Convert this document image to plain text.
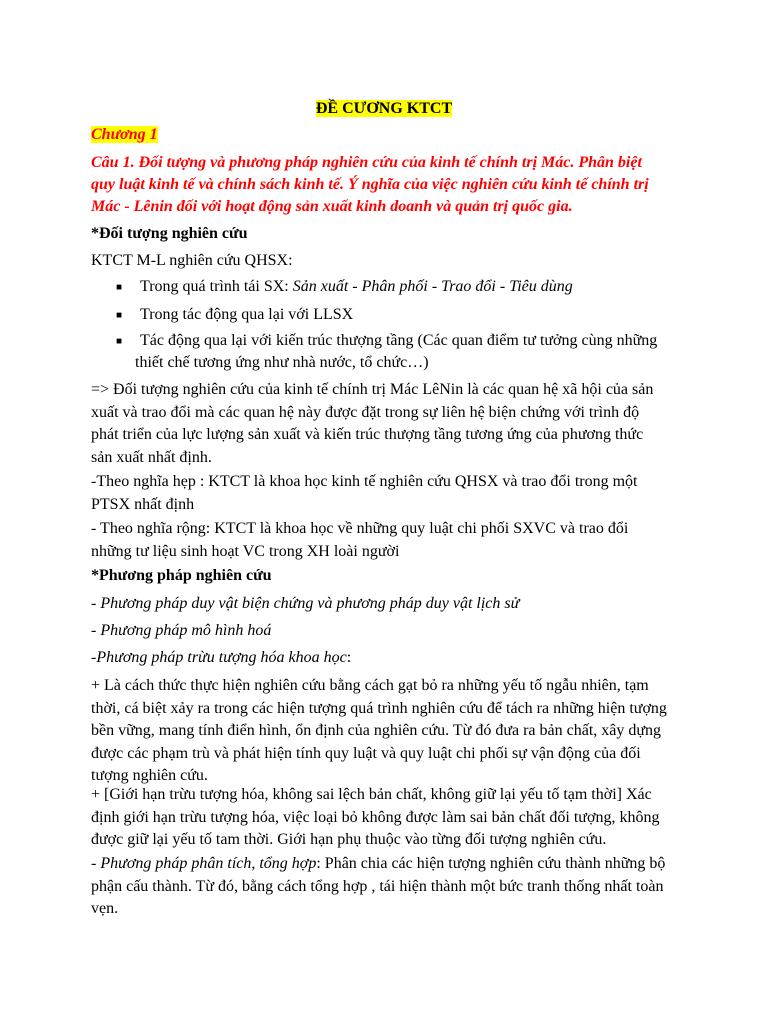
ĐỀ CƯƠNG KTCT
Chương 1
Câu 1. Đối tượng và phương pháp nghiên cứu của kinh tế chính trị Mác. Phân biệt
quy luật kinh tế và chính sách kinh tế. Ý nghĩa của việc nghiên cứu kinh tế chính trị
Mác - Lênin đối với hoạt động sản xuất kinh doanh và quản trị quốc gia.
*Đối tượng nghiên cứu
KTCT M-L nghiên cứu QHSX:
■ Trong quá trình tái SX: Sản xuất - Phân phối - Trao đổi - Tiêu dùng
■ Trong tác động qua lại với LLSX
■ Tác động qua lại với kiến trúc thượng tầng (Các quan điểm tư tưởng cùng những
thiết chế tương ứng như nhà nước, tổ chức…)
=> Đối tượng nghiên cứu của kinh tế chính trị Mác LêNin là các quan hệ xã hội của sản
xuất và trao đổi mà các quan hệ này được đặt trong sự liên hệ biện chứng với trình độ
phát triển của lực lượng sản xuất và kiến trúc thượng tầng tương ứng của phương thức
sản xuất nhất định.
-Theo nghĩa hẹp : KTCT là khoa học kinh tế nghiên cứu QHSX và trao đổi trong một
PTSX nhất định
- Theo nghĩa rộng: KTCT là khoa học về những quy luật chi phối SXVC và trao đổi
những tư liệu sinh hoạt VC trong XH loài người
*Phương pháp nghiên cứu
- Phương pháp duy vật biện chứng và phương pháp duy vật lịch sử
- Phương pháp mô hình hoá
-Phương pháp trừu tượng hóa khoa học:
+ Là cách thức thực hiện nghiên cứu bằng cách gạt bỏ ra những yếu tố ngẫu nhiên, tạm
thời, cá biệt xảy ra trong các hiện tượng quá trình nghiên cứu để tách ra những hiện tượng
bền vững, mang tính điển hình, ổn định của nghiên cứu. Từ đó đưa ra bản chất, xây dựng
được các phạm trù và phát hiện tính quy luật và quy luật chi phối sự vận động của đối
tượng nghiên cứu.
+ [Giới hạn trừu tượng hóa, không sai lệch bản chất, không giữ lại yếu tố tạm thời] Xác
định giới hạn trừu tượng hóa, việc loại bỏ không được làm sai bản chất đối tượng, không
được giữ lại yếu tố tam thời. Giới hạn phụ thuộc vào từng đối tượng nghiên cứu.
- Phương pháp phân tích, tổng hợp: Phân chia các hiện tượng nghiên cứu thành những bộ
phận cấu thành. Từ đó, bằng cách tổng hợp , tái hiện thành một bức tranh thống nhất toàn
vẹn.
